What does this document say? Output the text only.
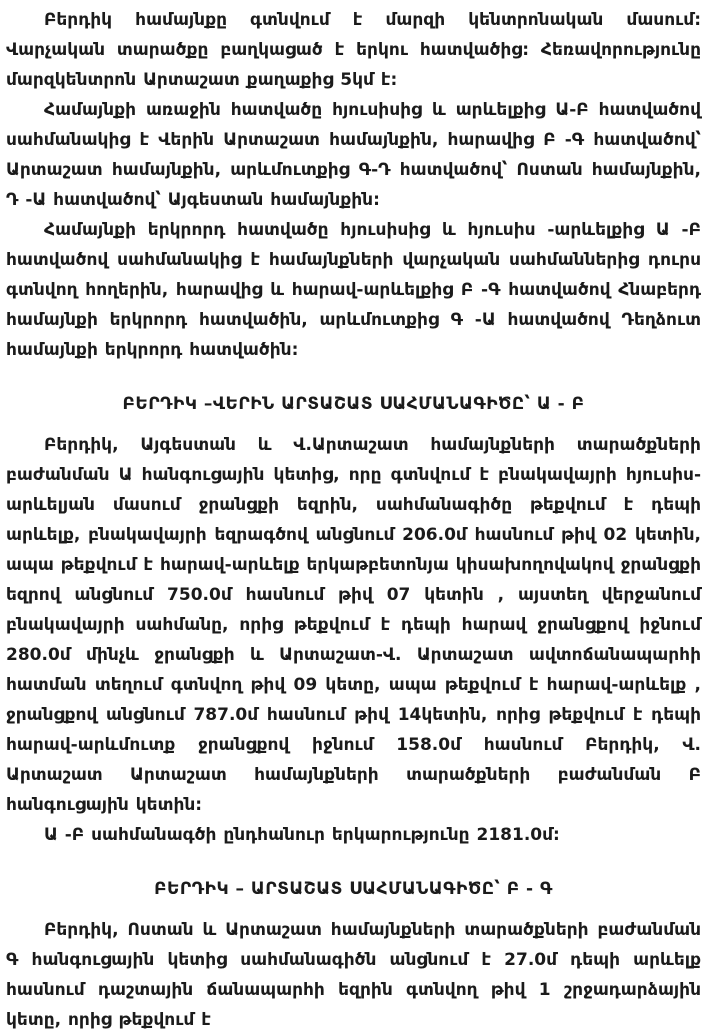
Բերդիկ համայնքը գտնվում է մարզի կենտրոնական մասում: Վարչական տարածքը բաղկացած է երկու հատվածից: Հեռավորությունը մարզկենտրոն Արտաշատ քաղաքից 5կմ է:

Համայնքի առաջին հատվածը հյուսիսից և արևելքից Ա-Բ հատվածով սահմանակից է Վերին Արտաշատ համայնքին, հարավից Բ -Գ հատվածով՝ Արտաշատ համայնքին, արևմուտքից Գ-Դ հատվածով՝ Ոստան համայնքին, Դ -Ա հատվածով՝ Այգեստան համայնքին:

Համայնքի երկրորդ հատվածը հյուսիսից և հյուսիս -արևելքից Ա -Բ հատվածով սահմանակից է համայնքների վարչական սահմաններից դուրս գտնվող հողերին, հարավից և հարավ-արևելքից Բ -Գ հատվածով Հնաբերդ համայնքի երկրորդ հատվածին, արևմուտքից Գ -Ա հատվածով Դեղձուտ համայնքի երկրորդ հատվածին:

ԲԵՐԴԻԿ –ՎԵՐԻՆ ԱՐՏԱՇԱՏ ՍԱՀՄԱՆԱԳԻԾԸ՝ Ա - Բ

Բերդիկ, Այգեստան և Վ.Արտաշատ համայնքների տարածքների բաժանման Ա հանգուցային կետից, որը գտնվում է բնակավայրի հյուսիս-արևելյան մասում ջրանցքի եզրին, սահմանագիծը թեքվում է դեպի արևելք, բնակավայրի եզրագծով անցնում 206.0մ հասնում թիվ 02 կետին, ապա թեքվում է հարավ-արևելք երկաթբետոնյա կիսախողովակով ջրանցքի եզրով անցնում 750.0մ հասնում թիվ 07 կետին , այստեղ վերջանում բնակավայրի սահմանը, որից թեքվում է դեպի հարավ ջրանցքով իջնում 280.0մ մինչև ջրանցքի և Արտաշատ-Վ. Արտաշատ ավտոճանապարհի հատման տեղում գտնվող թիվ 09 կետը, ապա թեքվում է հարավ-արևելք , ջրանցքով անցնում 787.0մ հասնում թիվ 14կետին, որից թեքվում է դեպի հարավ-արևմուտք ջրանցքով իջնում 158.0մ հասնում Բերդիկ, Վ. Արտաշատ Արտաշատ համայնքների տարածքների բաժանման Բ հանգուցային կետին:

Ա -Բ սահմանագծի ընդհանուր երկարությունը 2181.0մ:

ԲԵՐԴԻԿ – ԱՐՏԱՇԱՏ ՍԱՀՄԱՆԱԳԻԾԸ՝ Բ - Գ

Բերդիկ, Ոստան և Արտաշատ համայնքների տարածքների բաժանման Գ հանգուցային կետից սահմանագիծն անցնում է 27.0մ դեպի արևելք հասնում դաշտային ճանապարհի եզրին գտնվող թիվ 1 շրջադարձային կետը, որից թեքվում է
